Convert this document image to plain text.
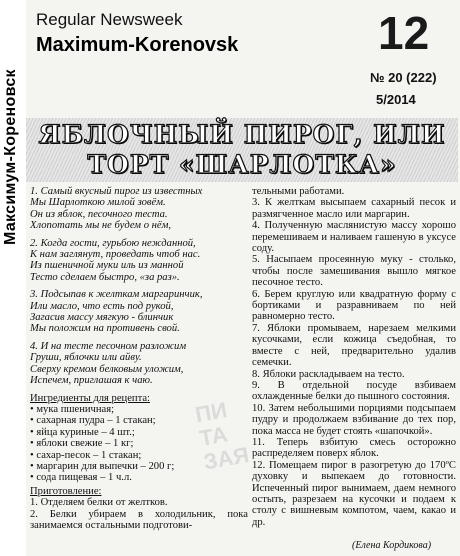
Максимум-Кореновск
Regular Newsweek
Maximum-Korenovsk	12
№ 20 (222)
5/2014
ЯБЛОЧНЫЙ ПИРОГ, ИЛИ
ТОРТ «ШАРЛОТКА»
ПИ
ТА
ЗАЯ

1. Самый вкусный пирог из известных
Мы Шарлоткою милой зовём.
Он из яблок, песочного теста.
Хлопотать мы не будем о нём,

2. Когда гости, гурьбою нежданной,
К нам заглянут, проведать чтоб нас.
Из пшеничной муки иль из манной
Тесто сделаем быстро, «за раз».

3. Подсыпав к желткам маргаринчик,
Или масло, что есть под рукой,
Загасив массу мягкую - блинчик
Мы положим на противень свой.

4. И на тесте песочном разложим
Груши, яблочки или айву.
Сверху кремом белковым уложим,
Испечем, приглашая к чаю.

Ингредиенты для рецепта:
• мука пшеничная;
• сахарная пудра – 1 стакан;
• яйца куриные – 4 шт.;
• яблоки свежие – 1 кг;
• сахар-песок – 1 стакан;
• маргарин для выпечки – 200 г;
• сода пищевая – 1 ч.л.
Приготовление:
1. Отделяем белки от желтков.
2. Белки убираем в холодильник, пока занимаемся остальными подготови-

тельными работами.

3. К желткам высыпаем сахарный песок и размягченное масло или маргарин.

4. Полученную маслянистую массу хорошо перемешиваем и наливаем гашеную в уксусе соду.

5. Насыпаем просеянную муку - столько, чтобы после замешивания вышло мягкое песочное тесто.

6. Берем круглую или квадратную форму с бортиками и разравниваем по ней равномерно тесто.

7. Яблоки промываем, нарезаем мелкими кусочками, если кожица съедобная, то вместе с ней, предварительно удалив семечки.

8. Яблоки раскладываем на тесто.

9. В отдельной посуде взбиваем охлажденные белки до пышного состояния.

10. Затем небольшими порциями подсыпаем пудру и продолжаем взбивание до тех пор, пока масса не будет стоять «шапочкой».

11. Теперь взбитую смесь осторожно распределяем поверх яблок.

12. Помещаем пирог в разогретую до 170ºС духовку и выпекаем до готовности. Испеченный пирог вынимаем, даем немного остыть, разрезаем на кусочки и подаем к столу с вишневым компотом, чаем, какао и др.

(Елена Кордикова)
